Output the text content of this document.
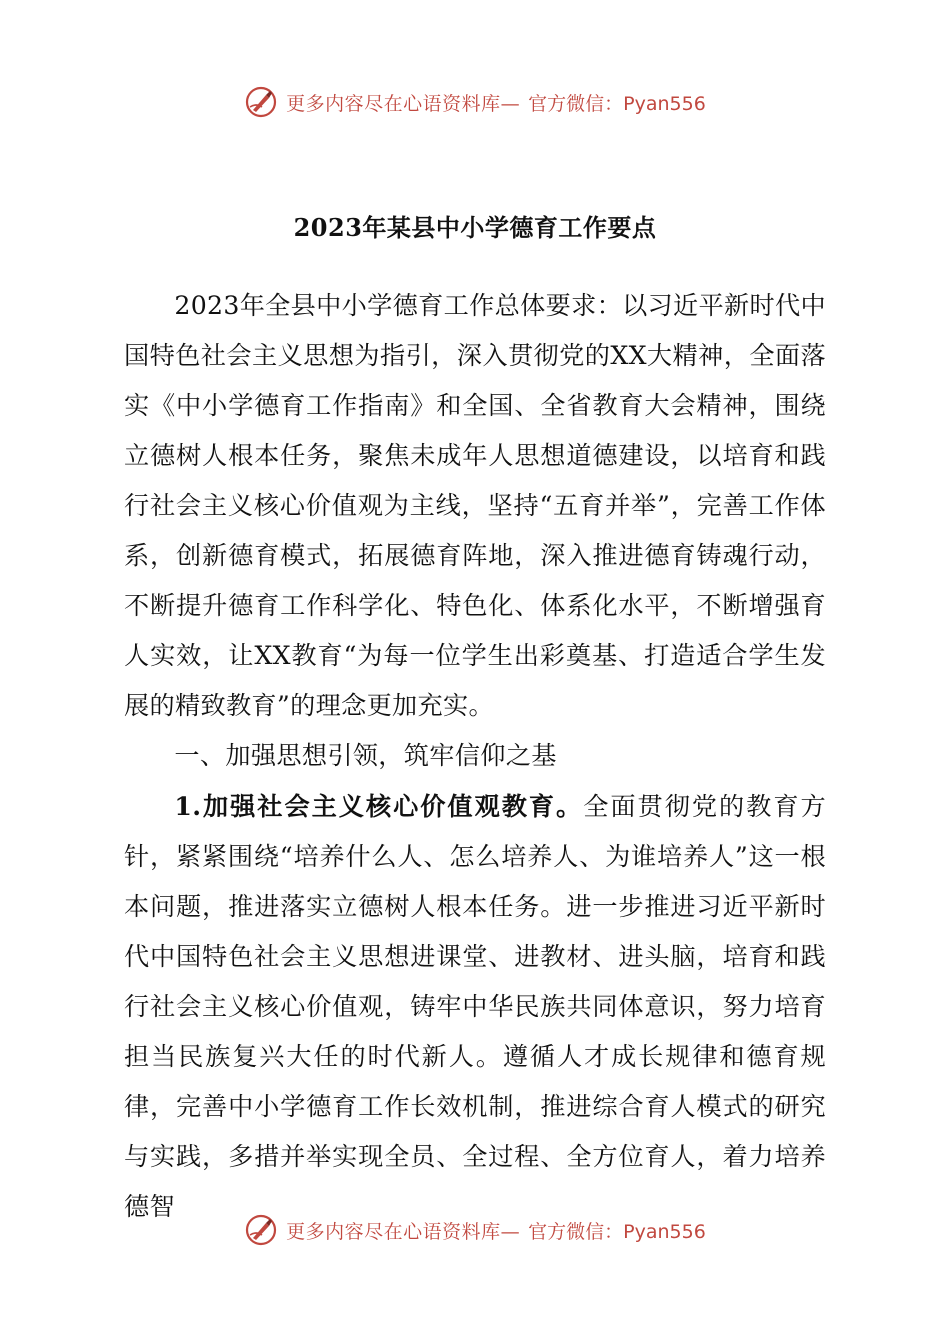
更多内容尽在心语资料库— 官方微信：Pyan556
2023年某县中小学德育工作要点

2023年全县中小学德育工作总体要求：以习近平新时代中国特色社会主义思想为指引，深入贯彻党的XX大精神，全面落实《中小学德育工作指南》和全国、全省教育大会精神，围绕立德树人根本任务，聚焦未成年人思想道德建设，以培育和践行社会主义核心价值观为主线，坚持“五育并举”，完善工作体系，创新德育模式，拓展德育阵地，深入推进德育铸魂行动，不断提升德育工作科学化、特色化、体系化水平，不断增强育人实效，让XX教育“为每一位学生出彩奠基、打造适合学生发展的精致教育”的理念更加充实。

一、加强思想引领，筑牢信仰之基

1.加强社会主义核心价值观教育。全面贯彻党的教育方针，紧紧围绕“培养什么人、怎么培养人、为谁培养人”这一根本问题，推进落实立德树人根本任务。进一步推进习近平新时代中国特色社会主义思想进课堂、进教材、进头脑，培育和践行社会主义核心价值观，铸牢中华民族共同体意识，努力培育担当民族复兴大任的时代新人。遵循人才成长规律和德育规律，完善中小学德育工作长效机制，推进综合育人模式的研究与实践，多措并举实现全员、全过程、全方位育人，着力培养德智

更多内容尽在心语资料库— 官方微信：Pyan556
